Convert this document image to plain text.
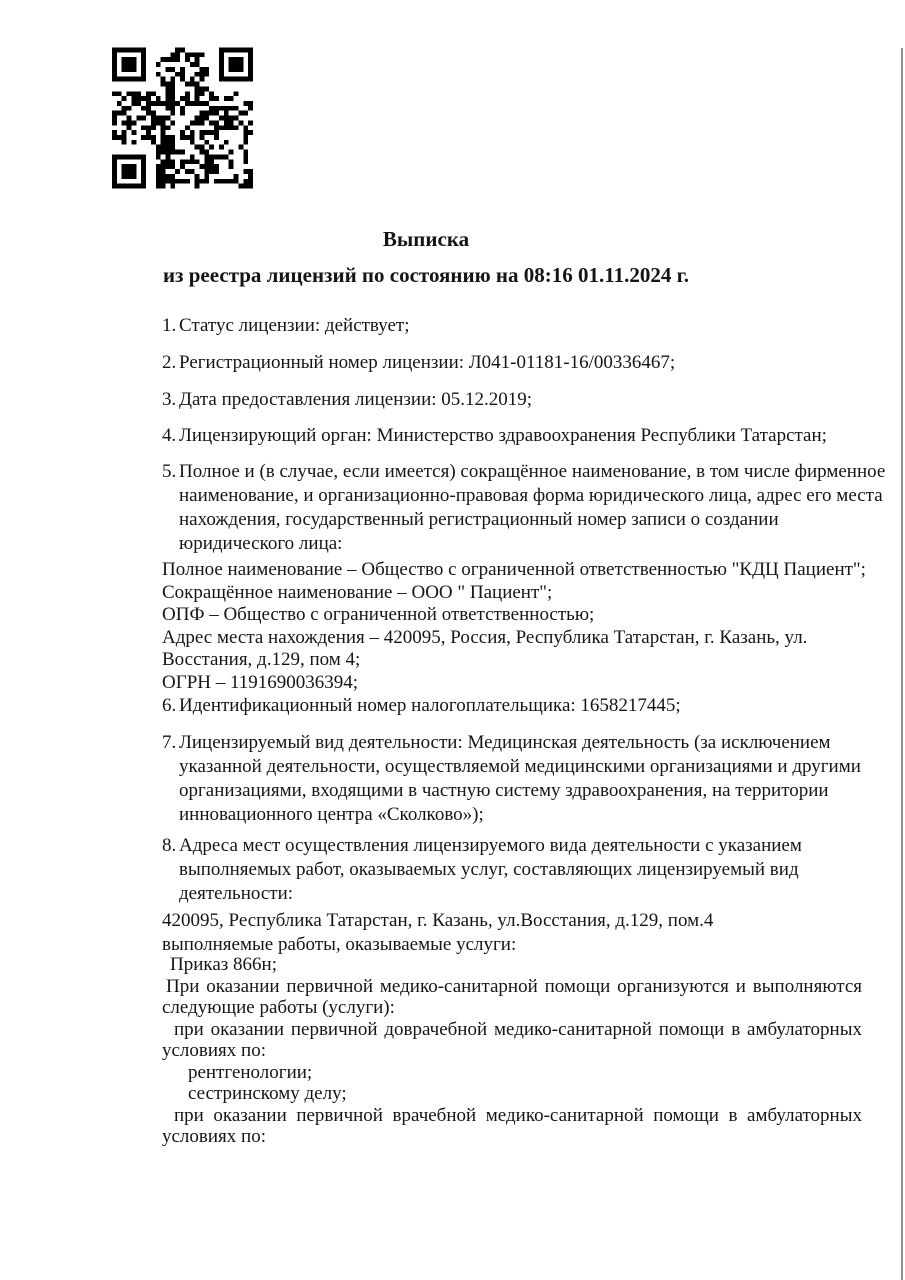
Выписка
из реестра лицензий по состоянию на 08:16 01.11.2024 г.
1. Статус лицензии: действует;
2. Регистрационный номер лицензии: Л041-01181-16/00336467;
3. Дата предоставления лицензии: 05.12.2019;
4. Лицензирующий орган: Министерство здравоохранения Республики Татарстан;
5. Полное и (в случае, если имеется) сокращённое наименование, в том числе фирменное
наименование, и организационно-правовая форма юридического лица, адрес его места
нахождения, государственный регистрационный номер записи о создании
юридического лица:
Полное наименование – Общество с ограниченной ответственностью "КДЦ Пациент";
Сокращённое наименование – ООО " Пациент";
ОПФ – Общество с ограниченной ответственностью;
Адрес места нахождения – 420095, Россия, Республика Татарстан, г. Казань, ул.
Восстания, д.129, пом 4;
ОГРН – 1191690036394;
6. Идентификационный номер налогоплательщика: 1658217445;
7. Лицензируемый вид деятельности: Медицинская деятельность (за исключением
указанной деятельности, осуществляемой медицинскими организациями и другими
организациями, входящими в частную систему здравоохранения, на территории
инновационного центра «Сколково»);
8. Адреса мест осуществления лицензируемого вида деятельности с указанием
выполняемых работ, оказываемых услуг, составляющих лицензируемый вид
деятельности:
420095, Республика Татарстан, г. Казань, ул.Восстания, д.129, пом.4
выполняемые работы, оказываемые услуги:
Приказ 866н;
При оказании первичной медико-санитарной помощи организуются и выполняются
следующие работы (услуги):
при оказании первичной доврачебной медико-санитарной помощи в амбулаторных
условиях по:
рентгенологии;
сестринскому делу;
при оказании первичной врачебной медико-санитарной помощи в амбулаторных
условиях по:
